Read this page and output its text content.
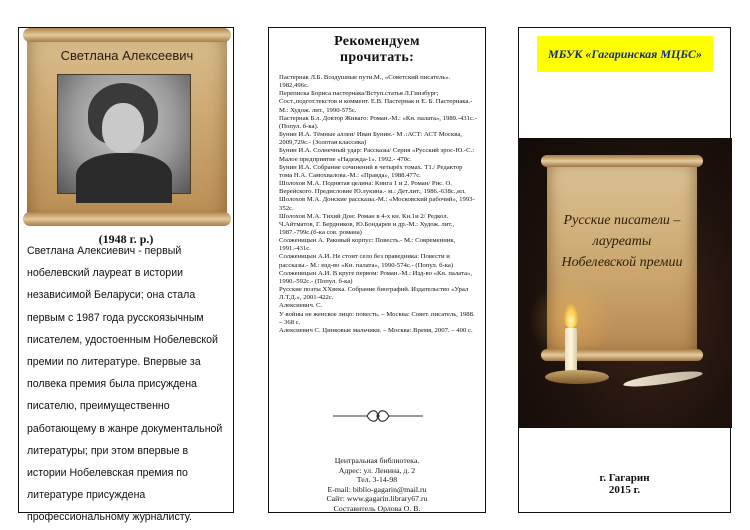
Светлана Алексеевич
(1948 г. р.)

Светлана Алексиевич - первый нобелевский лауреат в истории независимой Беларуси; она стала первым с 1987 года русскоязычным писателем, удостоенным Нобелевской премии по литературе. Впервые за полвека премия была присуждена писателю, преимущественно работающему в жанре документальной литературы; при этом впервые в истории Нобелевская премия по литературе присуждена профессиональному журналисту.

Рекомендуем
прочитать:
Пастернак Л.Б. Воздушные пути.М., «Советский писатель». 1982,496с.
Переписка Бориса пастернака/Вступ.статья Л.Гинзбург; Сост.,подгот.текстов и коммент. Е.В. Пастернак и Е. Б. Пастернака.-М.: Худож. лит., 1990-575с.
Пастернак Б.л. Доктор Живаго: Роман.-М.: «Кн. палата», 1989.-431с.-(Попул. б-ка).
Бунин И.А. Тёмные аллеи/ Иван Бунин.- М .:АСТ: АСТ Москва, 2009,729с.- (Золотая классика)
Бунин И.А. Солнечный удар: Рассказы/ Серия «Русский эрос-Ю.-С.: Малое предприятие «Надежда-1». 1992.- 470с.
Бунин И.А. Собрание сочинений в четырёх томах. Т1./ Редактор тома Н.А. Самохвалова.-М.: «Правда», 1988.477с.
Шолохов М.А. Поднятая целина: Книга 1 и 2. Роман/ Рис. О. Верейского. Предисловие Ю.лукина.- м.: Дет.лит., 1986.-638с.,ил.
Шолохов М.А. Донские рассказы.-М.: «Московский рабочий», 1993-352с.
Шолохов М.А. Тихий Дон: Роман в 4-х кн. Кн.1и 2/ Редкол. Ч.Айтматов, Г. Бердников, Ю.Бондарев и др.-М.: Худож. лит., 1987.-799с.(б-ка сов. романа)
Солженицын А. Раковый корпус: Повесть.- М.: Современник, 1991.-431с.
Солженицын А.И. Не стоит село без праведника: Повести и рассказы.- М.: изд-во «Кн. палата», 1990-574с.- (Попул. б-ка)
Солженицын А.И. В круге первом: Роман.-М.: Изд-во «Кн. палата», 1990.-592с.- (Попул. б-ка)
Русские поэты XXвека. Собрание биографий. Издательство «Урал Л.Т.Д.», 2001-422с.
Алексиевич. С.
У войны не женское лицо: повесть. – Москва: Совет. писатель, 1988. – 368 с.
Алексиевич С. Цинковые мальчики. – Москва: Время, 2007. – 400 с.
Центральная библиотека.
Адрес: ул. Ленина, д. 2
Тел. 3-14-98
E-mail: biblio-gagarin@mail.ru
Сайт: www.gagarin.library67.ru
Составитель Орлова О. В.
МБУК «Гагаринская МЦБС»
Русские писатели –
лауреаты
Нобелевской премии
г. Гагарин
2015 г.
